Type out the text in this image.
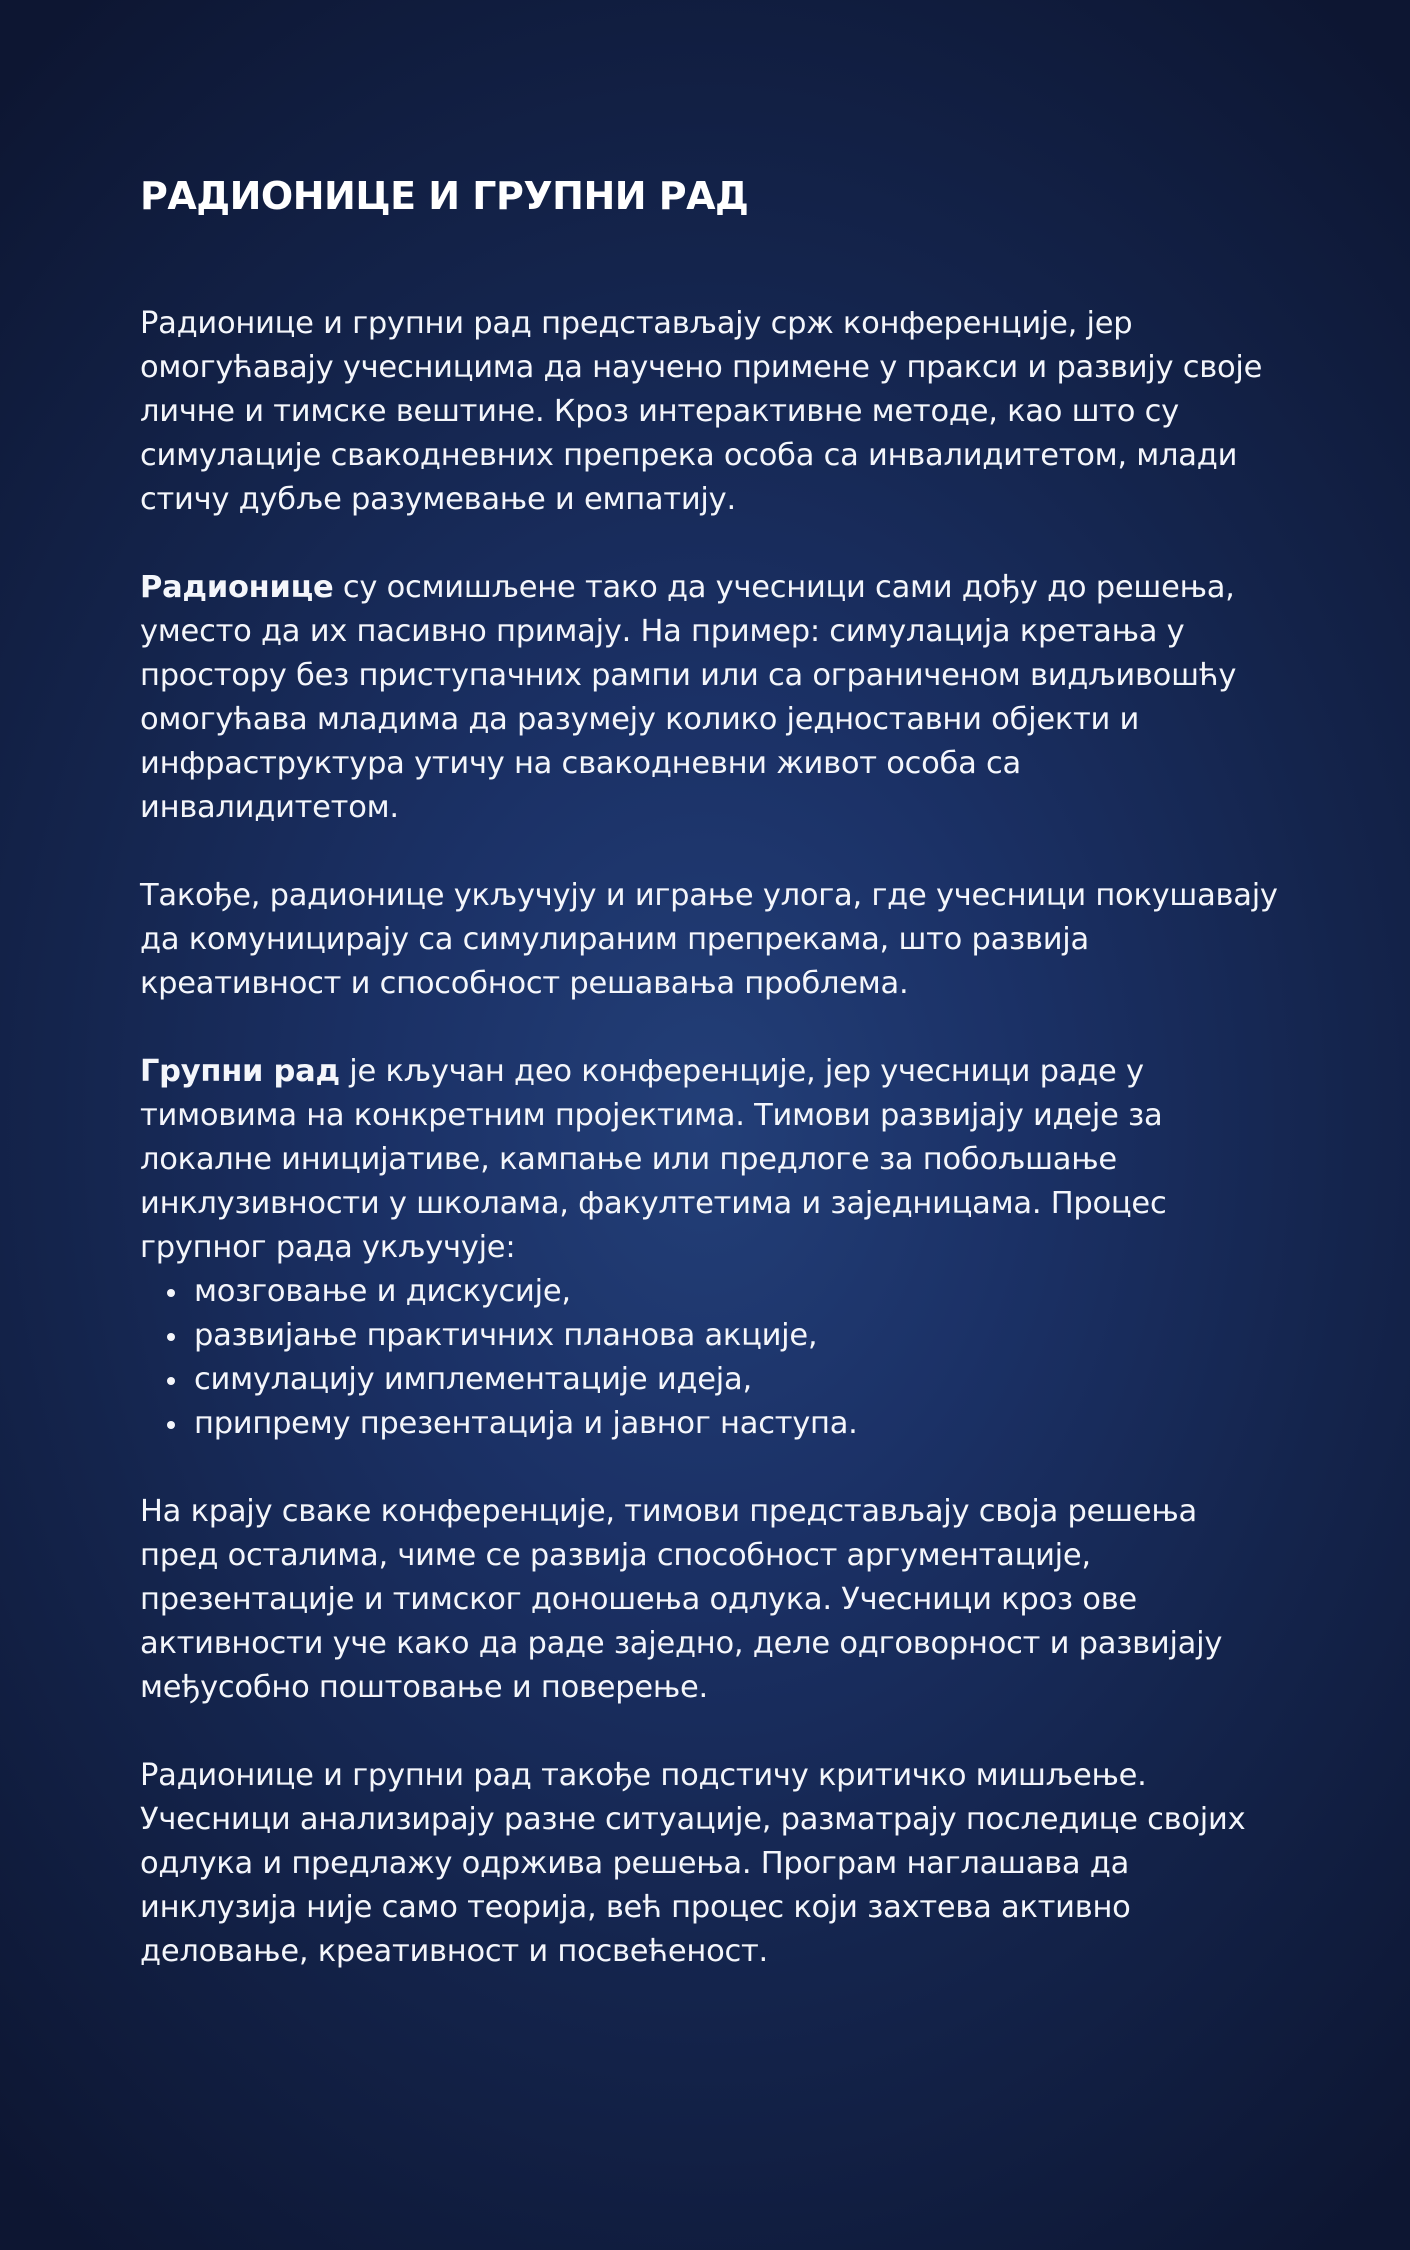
РАДИОНИЦЕ И ГРУПНИ РАД

Радионице и групни рад представљају срж конференције, јер омогућавају учесницима да научено примене у пракси и развију своје личне и тимске вештине. Кроз интерактивне методе, као што су симулације свакодневних препрека особа са инвалидитетом, млади стичу дубље разумевање и емпатију.

Радионице су осмишљене тако да учесници сами дођу до решења, уместо да их пасивно примају. На пример: симулација кретања у простору без приступачних рампи или са ограниченом видљивошћу омогућава младима да разумеју колико једноставни објекти и инфраструктура утичу на свакодневни живот особа са инвалидитетом.

Такође, радионице укључују и играње улога, где учесници покушавају да комуницирају са симулираним препрекама, што развија креативност и способност решавања проблема.

Групни рад је кључан део конференције, јер учесници раде у тимовима на конкретним пројектима. Тимови развијају идеје за локалне иницијативе, кампање или предлоге за побољшање инклузивности у школама, факултетима и заједницама. Процес групног рада укључује:

мозговање и дискусије,
развијање практичних планова акције,
симулацију имплементације идеја,
припрему презентација и јавног наступа.

На крају сваке конференције, тимови представљају своја решења пред осталима, чиме се развија способност аргументације, презентације и тимског доношења одлука. Учесници кроз ове активности уче како да раде заједно, деле одговорност и развијају међусобно поштовање и поверење.

Радионице и групни рад такође подстичу критичко мишљење. Учесници анализирају разне ситуације, разматрају последице својих одлука и предлажу одржива решења. Програм наглашава да инклузија није само теорија, већ процес који захтева активно деловање, креативност и посвећеност.
